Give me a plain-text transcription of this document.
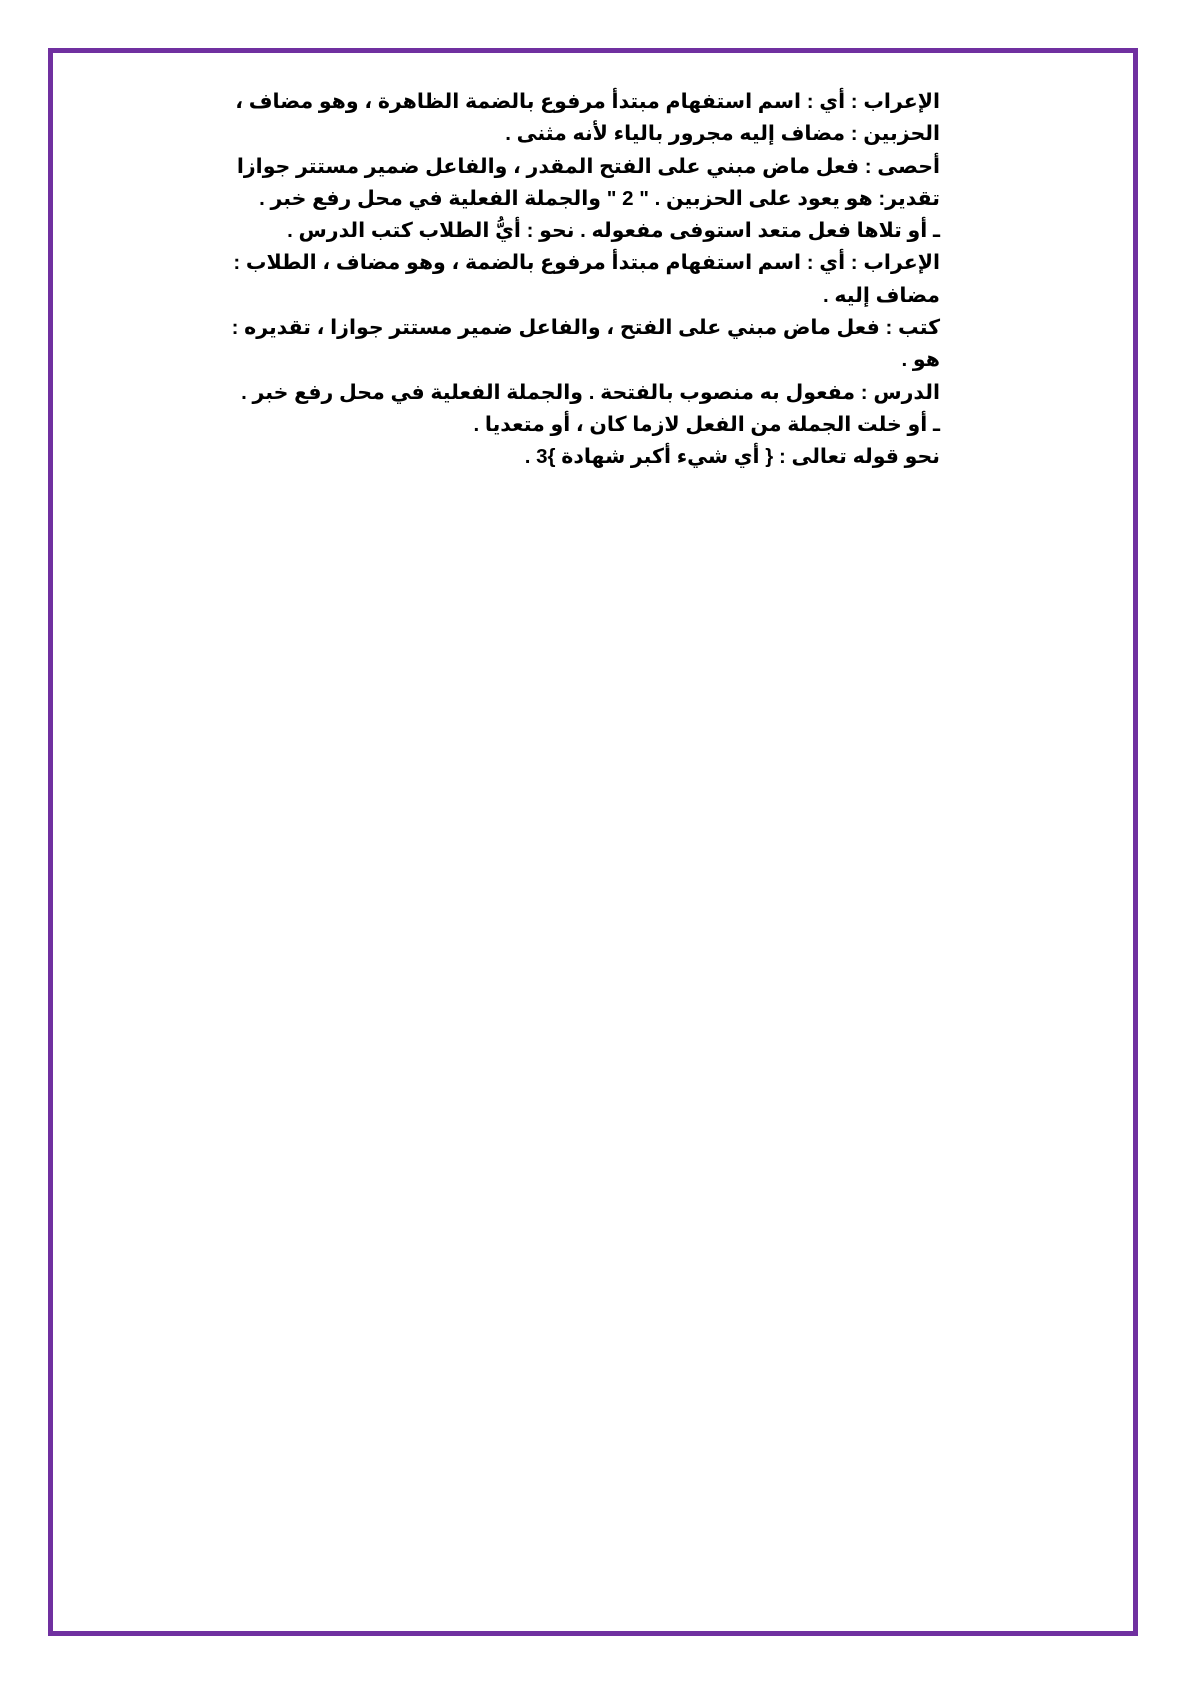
الإعراب : أي : اسم استفهام مبتدأ مرفوع بالضمة الظاهرة ، وهو مضاف ،
الحزبين : مضاف إليه مجرور بالياء لأنه مثنى .
أحصى : فعل ماض مبني على الفتح المقدر ، والفاعل ضمير مستتر جوازا
تقدير: هو يعود على الحزبين . " 2 " والجملة الفعلية في محل رفع خبر .
ـ أو تلاها فعل متعد استوفى مفعوله . نحو : أيُّ الطلاب كتب الدرس .
الإعراب : أي : اسم استفهام مبتدأ مرفوع بالضمة ، وهو مضاف ، الطلاب :
مضاف إليه .
كتب : فعل ماض مبني على الفتح ، والفاعل ضمير مستتر جوازا ، تقديره :
هو .
الدرس : مفعول به منصوب بالفتحة . والجملة الفعلية في محل رفع خبر .
ـ أو خلت الجملة من الفعل لازما كان ، أو متعديا .
نحو قوله تعالى : { أي شيء أكبر شهادة }3 .
